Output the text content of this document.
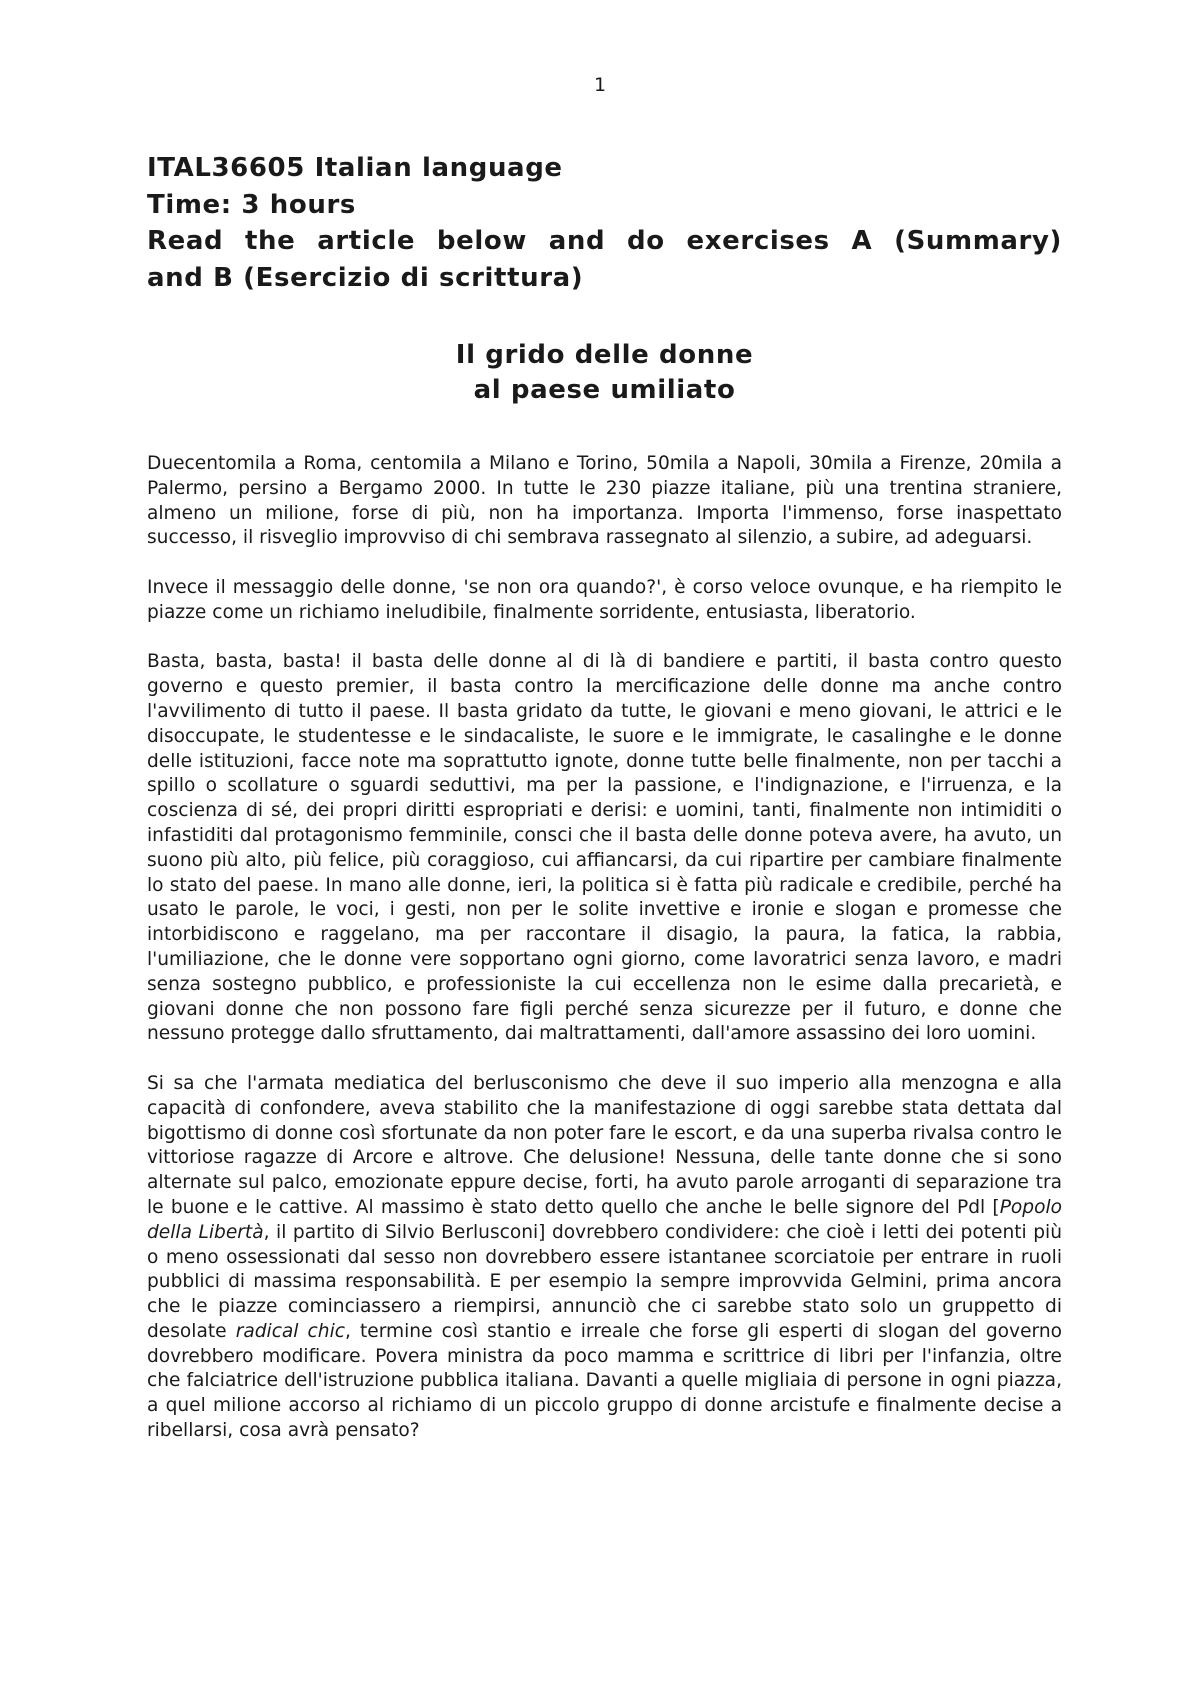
1
ITAL36605 Italian language
Time: 3 hours
Read the article below and do exercises A (Summary)
and B (Esercizio di scrittura)
Il grido delle donne
al paese umiliato

Duecentomila a Roma, centomila a Milano e Torino, 50mila a Napoli, 30mila a Firenze, 20mila a Palermo, persino a Bergamo 2000. In tutte le 230 piazze italiane, più una trentina straniere, almeno un milione, forse di più, non ha importanza. Importa l'immenso, forse inaspettato successo, il risveglio improvviso di chi sembrava rassegnato al silenzio, a subire, ad adeguarsi.

Invece il messaggio delle donne, 'se non ora quando?', è corso veloce ovunque, e ha riempito le piazze come un richiamo ineludibile, finalmente sorridente, entusiasta, liberatorio.

Basta, basta, basta! il basta delle donne al di là di bandiere e partiti, il basta contro questo governo e questo premier, il basta contro la mercificazione delle donne ma anche contro l'avvilimento di tutto il paese. Il basta gridato da tutte, le giovani e meno giovani, le attrici e le disoccupate, le studentesse e le sindacaliste, le suore e le immigrate, le casalinghe e le donne delle istituzioni, facce note ma soprattutto ignote, donne tutte belle finalmente, non per tacchi a spillo o scollature o sguardi seduttivi, ma per la passione, e l'indignazione, e l'irruenza, e la coscienza di sé, dei propri diritti espropriati e derisi: e uomini, tanti, finalmente non intimiditi o infastiditi dal protagonismo femminile, consci che il basta delle donne poteva avere, ha avuto, un suono più alto, più felice, più coraggioso, cui affiancarsi, da cui ripartire per cambiare finalmente lo stato del paese. In mano alle donne, ieri, la politica si è fatta più radicale e credibile, perché ha usato le parole, le voci, i gesti, non per le solite invettive e ironie e slogan e promesse che intorbidiscono e raggelano, ma per raccontare il disagio, la paura, la fatica, la rabbia, l'umiliazione, che le donne vere sopportano ogni giorno, come lavoratrici senza lavoro, e madri senza sostegno pubblico, e professioniste la cui eccellenza non le esime dalla precarietà, e giovani donne che non possono fare figli perché senza sicurezze per il futuro, e donne che nessuno protegge dallo sfruttamento, dai maltrattamenti, dall'amore assassino dei loro uomini.

Si sa che l'armata mediatica del berlusconismo che deve il suo imperio alla menzogna e alla capacità di confondere, aveva stabilito che la manifestazione di oggi sarebbe stata dettata dal bigottismo di donne così sfortunate da non poter fare le escort, e da una superba rivalsa contro le vittoriose ragazze di Arcore e altrove. Che delusione! Nessuna, delle tante donne che si sono alternate sul palco, emozionate eppure decise, forti, ha avuto parole arroganti di separazione tra le buone e le cattive. Al massimo è stato detto quello che anche le belle signore del Pdl [Popolo della Libertà, il partito di Silvio Berlusconi] dovrebbero condividere: che cioè i letti dei potenti più o meno ossessionati dal sesso non dovrebbero essere istantanee scorciatoie per entrare in ruoli pubblici di massima responsabilità. E per esempio la sempre improvvida Gelmini, prima ancora che le piazze cominciassero a riempirsi, annunciò che ci sarebbe stato solo un gruppetto di desolate radical chic, termine così stantio e irreale che forse gli esperti di slogan del governo dovrebbero modificare. Povera ministra da poco mamma e scrittrice di libri per l'infanzia, oltre che falciatrice dell'istruzione pubblica italiana. Davanti a quelle migliaia di persone in ogni piazza, a quel milione accorso al richiamo di un piccolo gruppo di donne arcistufe e finalmente decise a ribellarsi, cosa avrà pensato?
